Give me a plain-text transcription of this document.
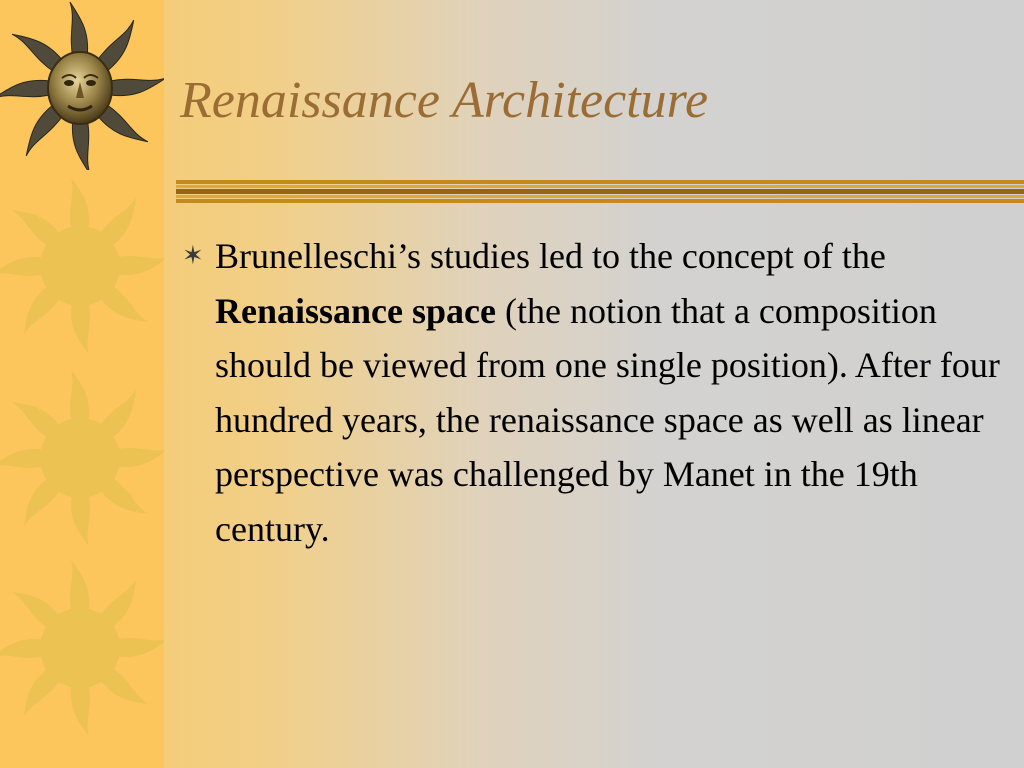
Renaissance Architecture
✶ Brunelleschi’s studies led to the concept of the Renaissance space (the notion that a composition should be viewed from one single position). After four hundred years, the renaissance space as well as linear perspective was challenged by Manet in the 19th century.
